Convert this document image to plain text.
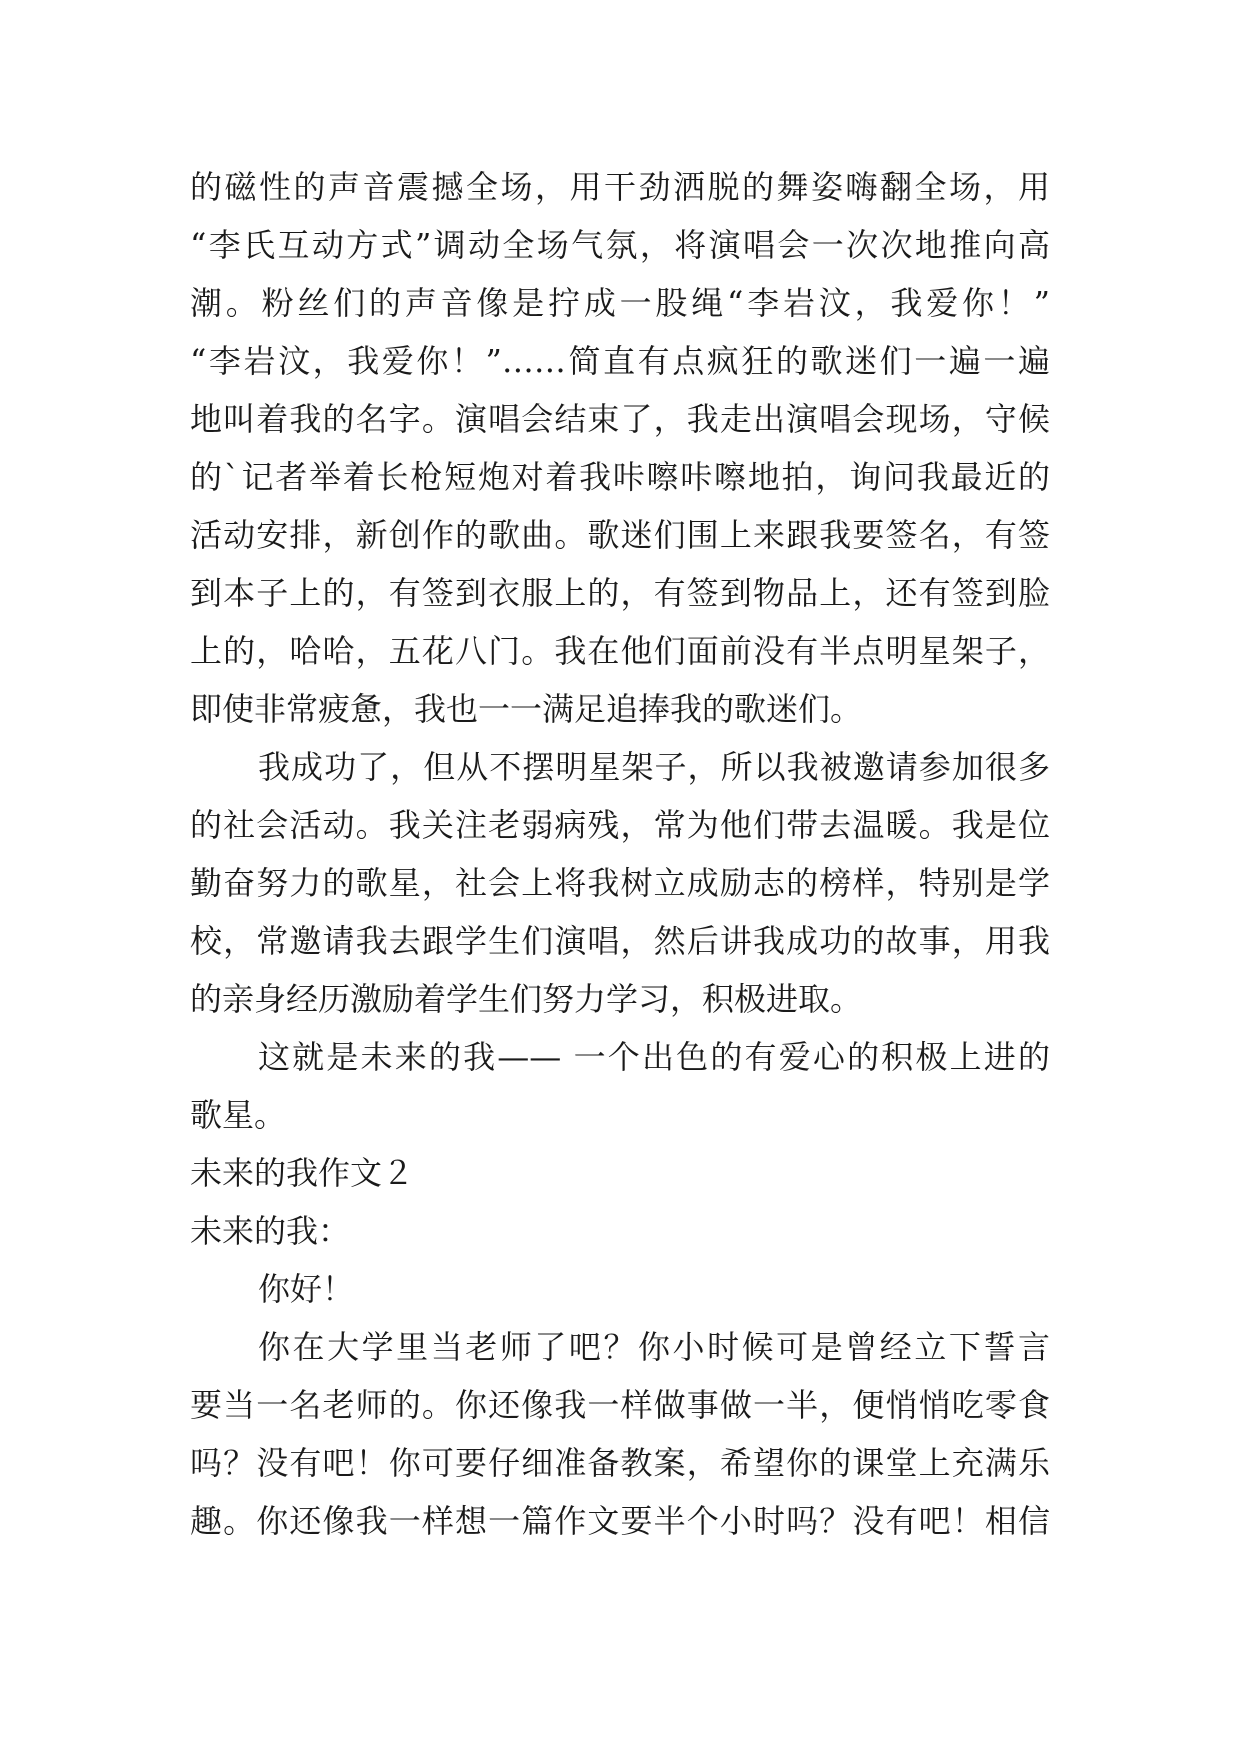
的磁性的声音震撼全场，用干劲洒脱的舞姿嗨翻全场，用
“李氏互动方式”调动全场气氛，将演唱会一次次地推向高
潮。粉丝们的声音像是拧成一股绳“李岩汶，我爱你！”
“李岩汶，我爱你！”……简直有点疯狂的歌迷们一遍一遍
地叫着我的名字。演唱会结束了，我走出演唱会现场，守候
的`记者举着长枪短炮对着我咔嚓咔嚓地拍，询问我最近的
活动安排，新创作的歌曲。歌迷们围上来跟我要签名，有签
到本子上的，有签到衣服上的，有签到物品上，还有签到脸
上的，哈哈，五花八门。我在他们面前没有半点明星架子，
即使非常疲惫，我也一一满足追捧我的歌迷们。
我成功了，但从不摆明星架子，所以我被邀请参加很多
的社会活动。我关注老弱病残，常为他们带去温暖。我是位
勤奋努力的歌星，社会上将我树立成励志的榜样，特别是学
校，常邀请我去跟学生们演唱，然后讲我成功的故事，用我
的亲身经历激励着学生们努力学习，积极进取。
这就是未来的我—— 一个出色的有爱心的积极上进的
歌星。
未来的我作文２
未来的我：
你好！
你在大学里当老师了吧？你小时候可是曾经立下誓言
要当一名老师的。你还像我一样做事做一半，便悄悄吃零食
吗？没有吧！你可要仔细准备教案，希望你的课堂上充满乐
趣。你还像我一样想一篇作文要半个小时吗？没有吧！相信
